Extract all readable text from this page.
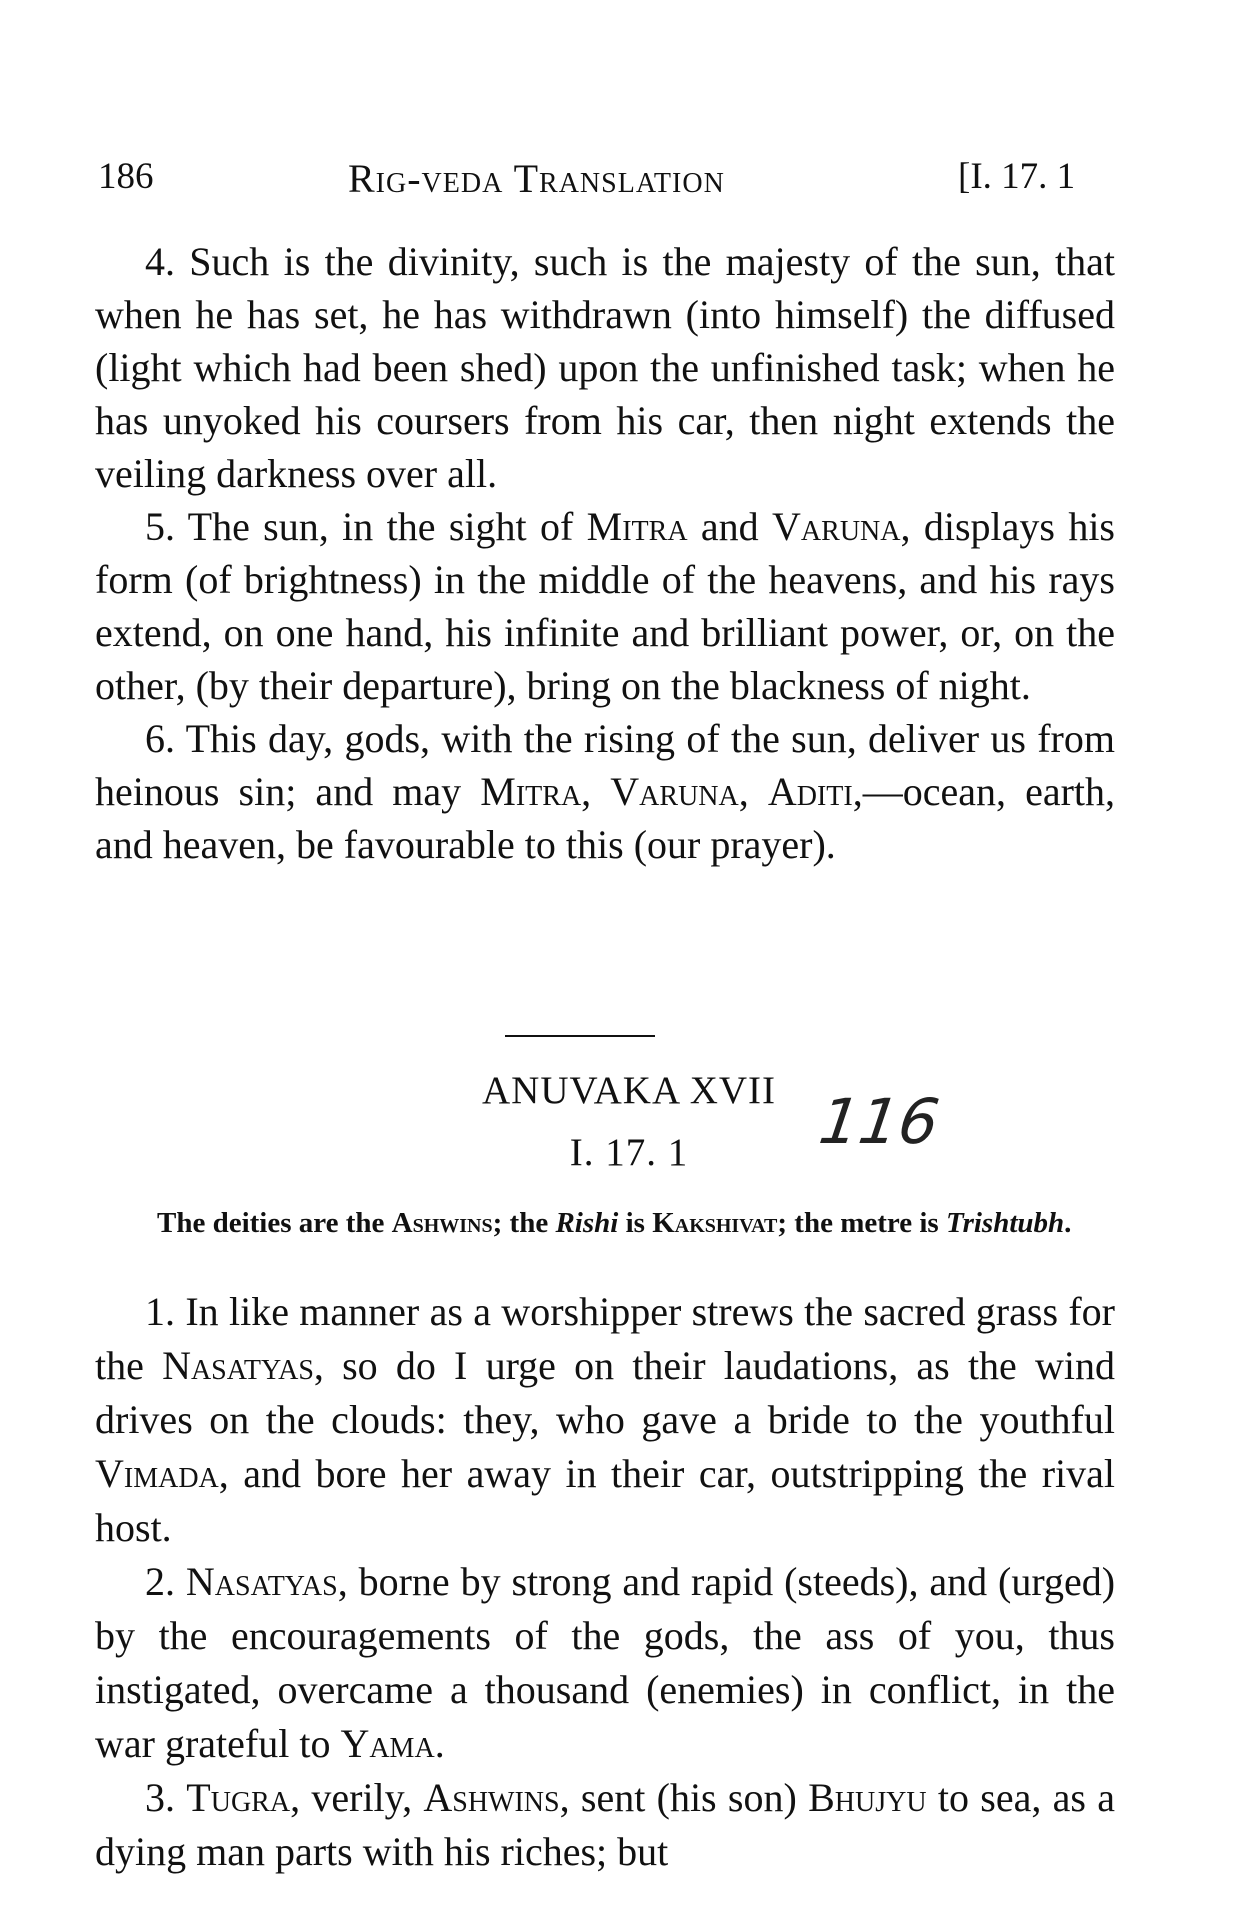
186	Rig-veda Translation	[I. 17. 1

4. Such is the divinity, such is the majesty of the sun, that when he has set, he has withdrawn (into himself) the diffused (light which had been shed) upon the unfinished task; when he has unyoked his coursers from his car, then night extends the veiling darkness over all.

5. The sun, in the sight of Mitra and Varuna, displays his form (of brightness) in the middle of the heavens, and his rays extend, on one hand, his infinite and brilliant power, or, on the other, (by their departure), bring on the blackness of night.

6. This day, gods, with the rising of the sun, deliver us from heinous sin; and may Mitra, Varuna, Aditi,—ocean, earth, and heaven, be favourable to this (our prayer).

ANUVAKA XVII
I. 17. 1	116
The deities are the Ashwins; the Rishi is Kakshivat; the metre is Trishtubh.

1. In like manner as a worshipper strews the sacred grass for the Nasatyas, so do I urge on their laudations, as the wind drives on the clouds: they, who gave a bride to the youthful Vimada, and bore her away in their car, outstripping the rival host.

2. Nasatyas, borne by strong and rapid (steeds), and (urged) by the encouragements of the gods, the ass of you, thus instigated, overcame a thousand (enemies) in conflict, in the war grateful to Yama.

3. Tugra, verily, Ashwins, sent (his son) Bhujyu to sea, as a dying man parts with his riches; but
